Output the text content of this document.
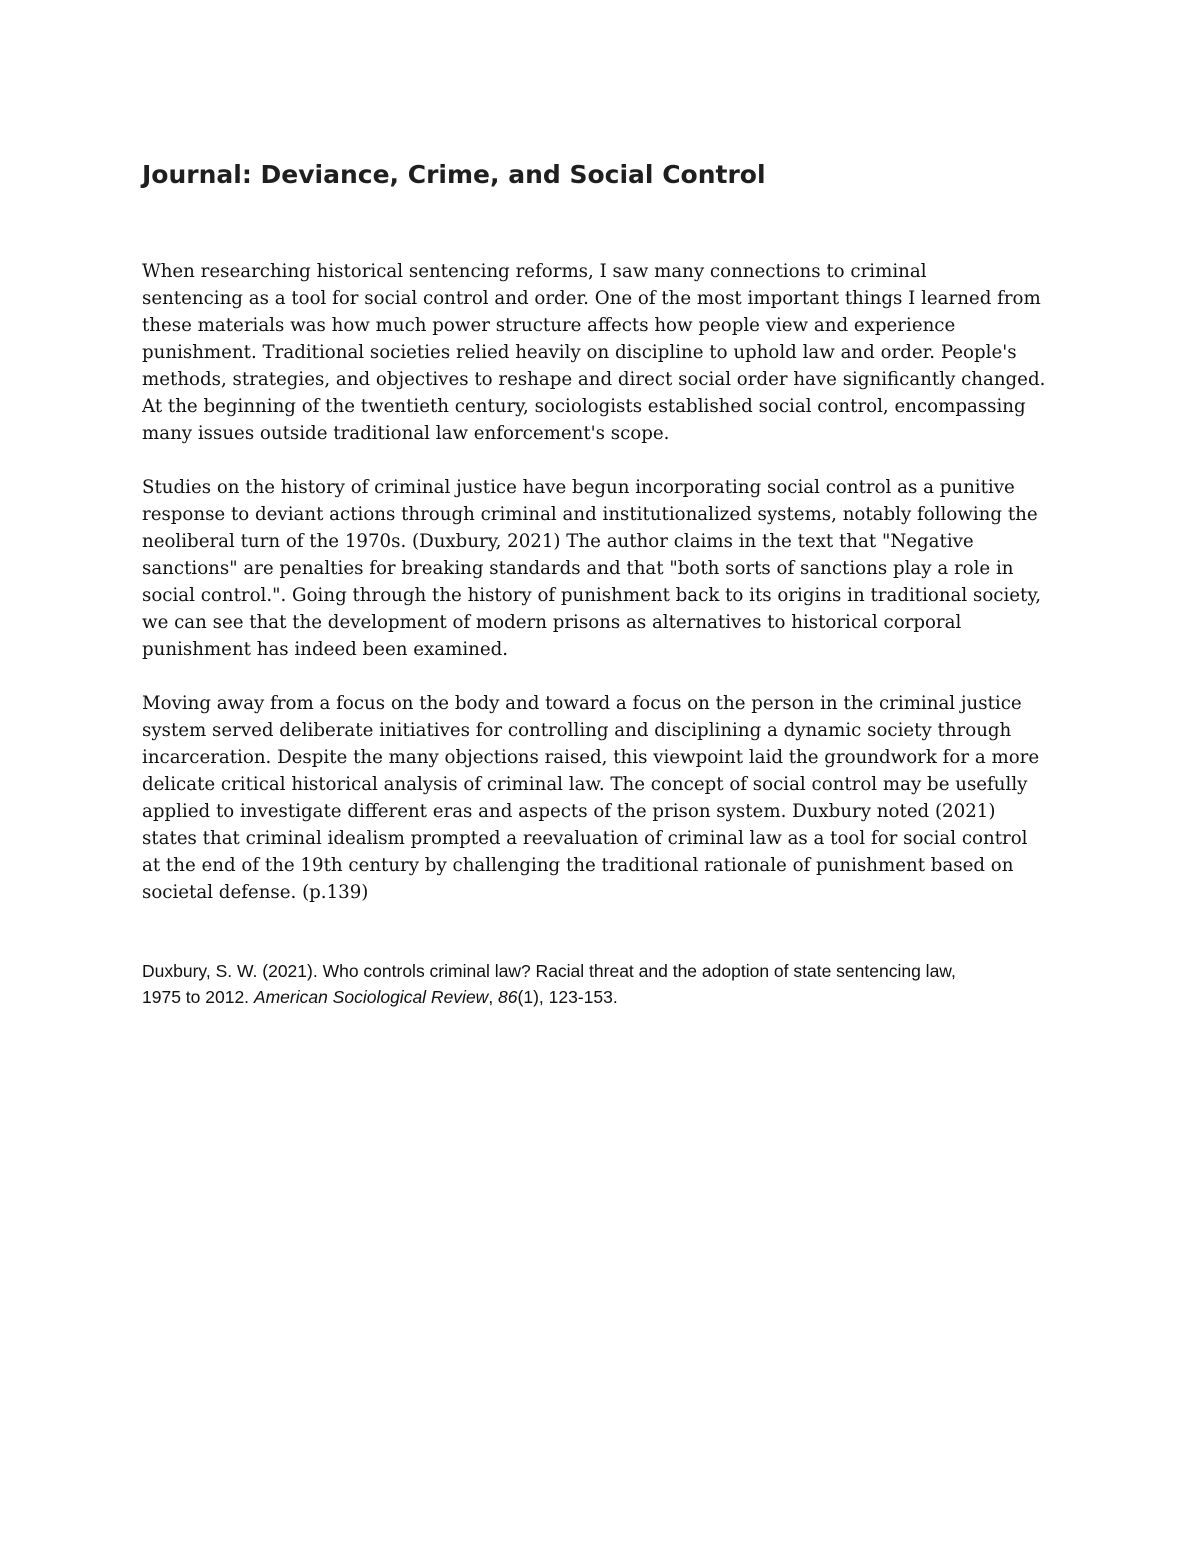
Journal: Deviance, Crime, and Social Control
When researching historical sentencing reforms, I saw many connections to criminal
sentencing as a tool for social control and order. One of the most important things I learned from
these materials was how much power structure affects how people view and experience
punishment. Traditional societies relied heavily on discipline to uphold law and order. People's
methods, strategies, and objectives to reshape and direct social order have significantly changed.
At the beginning of the twentieth century, sociologists established social control, encompassing
many issues outside traditional law enforcement's scope.
Studies on the history of criminal justice have begun incorporating social control as a punitive
response to deviant actions through criminal and institutionalized systems, notably following the
neoliberal turn of the 1970s. (Duxbury, 2021) The author claims in the text that "Negative
sanctions" are penalties for breaking standards and that "both sorts of sanctions play a role in
social control.". Going through the history of punishment back to its origins in traditional society,
we can see that the development of modern prisons as alternatives to historical corporal
punishment has indeed been examined.
Moving away from a focus on the body and toward a focus on the person in the criminal justice
system served deliberate initiatives for controlling and disciplining a dynamic society through
incarceration. Despite the many objections raised, this viewpoint laid the groundwork for a more
delicate critical historical analysis of criminal law. The concept of social control may be usefully
applied to investigate different eras and aspects of the prison system. Duxbury noted (2021)
states that criminal idealism prompted a reevaluation of criminal law as a tool for social control
at the end of the 19th century by challenging the traditional rationale of punishment based on
societal defense. (p.139)
Duxbury, S. W. (2021). Who controls criminal law? Racial threat and the adoption of state sentencing law,
1975 to 2012. American Sociological Review, 86(1), 123-153.
